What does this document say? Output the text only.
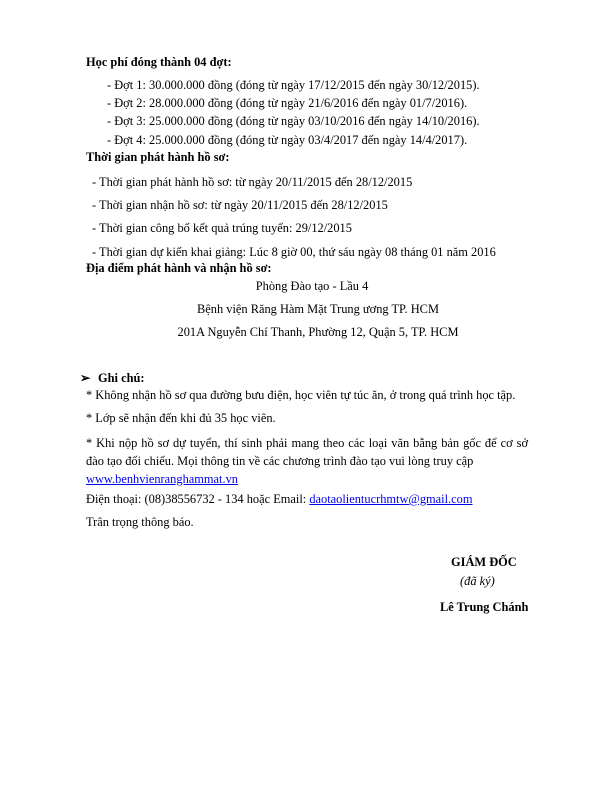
Học phí đóng thành 04 đợt:
- Đợt 1: 30.000.000 đồng (đóng từ ngày 17/12/2015 đến ngày 30/12/2015).
- Đợt 2: 28.000.000 đồng (đóng từ ngày 21/6/2016 đến ngày 01/7/2016).
- Đợt 3: 25.000.000 đồng (đóng từ ngày 03/10/2016 đến ngày 14/10/2016).
- Đợt 4: 25.000.000 đồng (đóng từ ngày 03/4/2017 đến ngày 14/4/2017).
Thời gian phát hành hồ sơ:
- Thời gian phát hành hồ sơ: từ ngày 20/11/2015 đến 28/12/2015
- Thời gian nhận hồ sơ: từ ngày 20/11/2015 đến 28/12/2015
- Thời gian công bố kết quả trúng tuyển: 29/12/2015
- Thời gian dự kiến khai giảng: Lúc 8 giờ 00, thứ sáu ngày 08 tháng 01 năm 2016
Địa điểm phát hành và nhận hồ sơ:
Phòng Đào tạo - Lầu 4
Bệnh viện Răng Hàm Mặt Trung ương TP. HCM
201A Nguyễn Chí Thanh, Phường 12, Quận 5, TP. HCM
➢ Ghi chú:
* Không nhận hồ sơ qua đường bưu điện, học viên tự túc ăn, ở trong quá trình học tập.
* Lớp sẽ nhận đến khi đủ 35 học viên.
* Khi nộp hồ sơ dự tuyển, thí sinh phải mang theo các loại văn bằng bản gốc để cơ sở đào tạo đối chiếu. Mọi thông tin về các chương trình đào tạo vui lòng truy cập
www.benhvienranghammat.vn
Điện thoại: (08)38556732 - 134 hoặc Email: daotaolientucrhmtw@gmail.com
Trân trọng thông báo.
GIÁM ĐỐC
(đã ký)
Lê Trung Chánh
